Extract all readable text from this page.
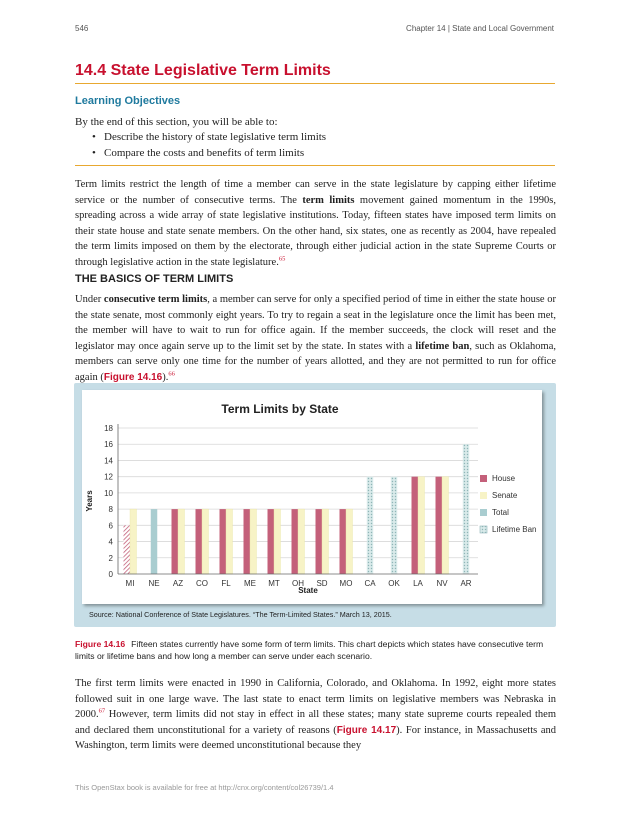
546	Chapter 14 | State and Local Government
14.4 State Legislative Term Limits
Learning Objectives
By the end of this section, you will be able to:
• Describe the history of state legislative term limits
• Compare the costs and benefits of term limits

Term limits restrict the length of time a member can serve in the state legislature by capping either lifetime service or the number of consecutive terms. The term limits movement gained momentum in the 1990s, spreading across a wide array of state legislative institutions. Today, fifteen states have imposed term limits on their state house and state senate members. On the other hand, six states, one as recently as 2004, have repealed the term limits imposed on them by the electorate, through either judicial action in the state Supreme Courts or through legislative action in the state legislature.$^{65}$

THE BASICS OF TERM LIMITS

Under consecutive term limits, a member can serve for only a specified period of time in either the state house or the state senate, most commonly eight years. To try to regain a seat in the legislature once the limit has been met, the member will have to wait to run for office again. If the member succeeds, the clock will reset and the legislator may once again serve up to the limit set by the state. In states with a lifetime ban, such as Oklahoma, members can serve only one time for the number of years allotted, and they are not permitted to run for office again (Figure 14.16).$^{66}$

Term Limits by State
Years
State
0
2
4
6
8
10
12
14
16
18
MI NE AZ CO FL ME MT OH SD MO CA OK LA NV AR
House
Senate
Total
Lifetime Ban
Source: National Conference of State Legislatures. “The Term-Limited States.” March 13, 2015.

Figure 14.16 Fifteen states currently have some form of term limits. This chart depicts which states have consecutive term limits or lifetime bans and how long a member can serve under each scenario.

The first term limits were enacted in 1990 in California, Colorado, and Oklahoma. In 1992, eight more states followed suit in one large wave. The last state to enact term limits on legislative members was Nebraska in 2000.67 However, term limits did not stay in effect in all these states; many state supreme courts repealed them and declared them unconstitutional for a variety of reasons (Figure 14.17). For instance, in Massachusetts and Washington, term limits were deemed unconstitutional because they

This OpenStax book is available for free at http://cnx.org/content/col26739/1.4
